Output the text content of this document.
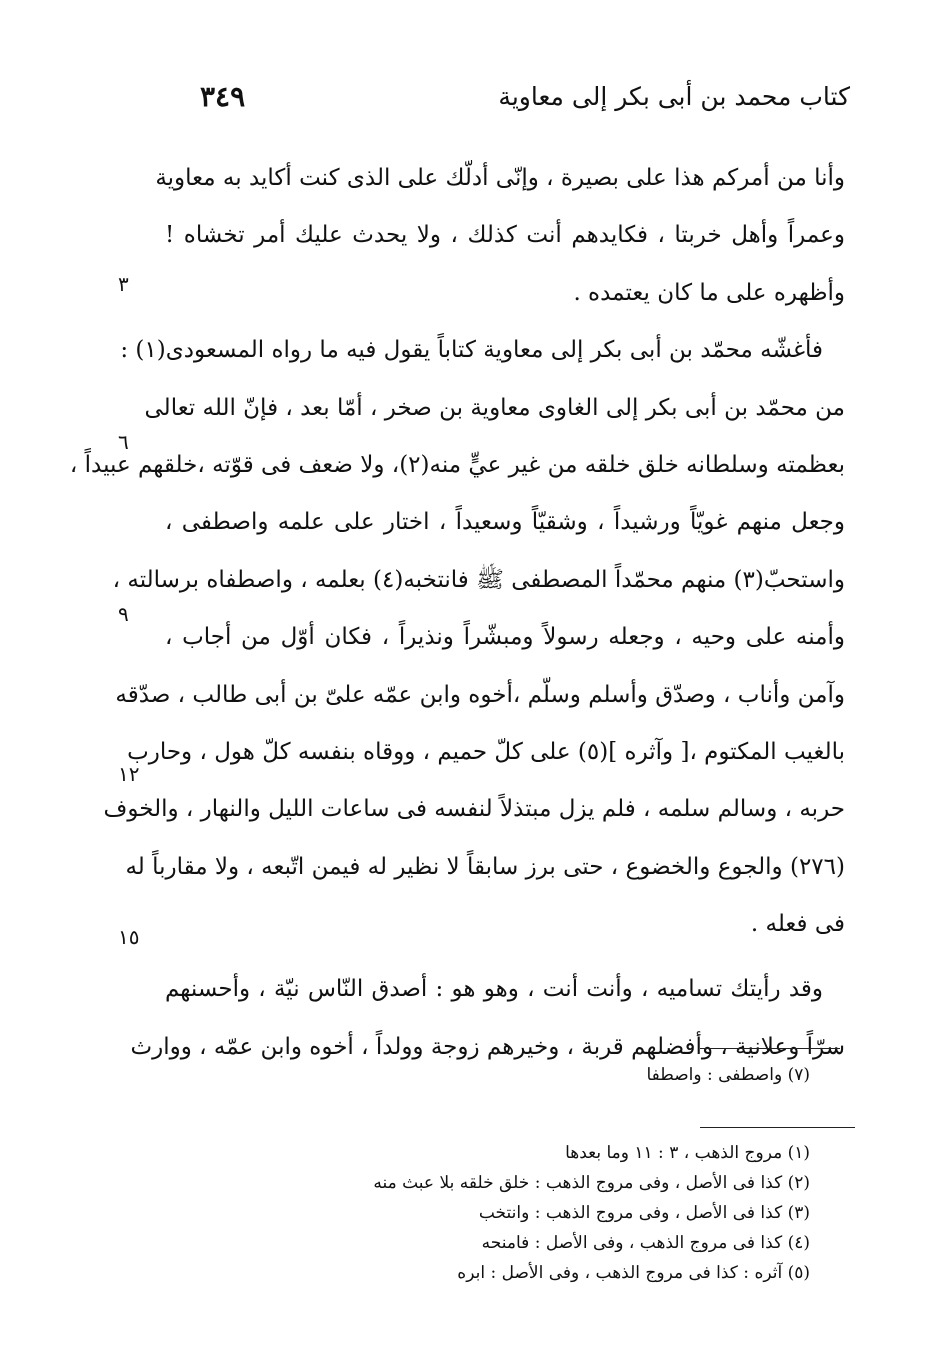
كتاب محمد بن أبى بكر إلى معاوية
٣٤٩
٣
٦
٩
١٢
١٥
وأنا من أمركم هذا على بصيرة ، وإنّى أدلّك على الذى كنت أكايد به معاوية
وعمراً وأهل خربتا ، فكايدهم أنت كذلك ، ولا يحدث عليك أمر تخشاه !
وأظهره على ما كان يعتمده .
فأغشّه محمّد بن أبى بكر إلى معاوية كتاباً يقول فيه ما رواه المسعودى(١) :
من محمّد بن أبى بكر إلى الغاوى معاوية بن صخر ، أمّا بعد ، فإنّ الله تعالى
بعظمته وسلطانه خلق خلقه من غير عيٍّ منه(٢)، ولا ضعف فى قوّته ،خلقهم عبيداً ،
وجعل منهم غويّاً ورشيداً ، وشقيّاً وسعيداً ، اختار على علمه واصطفى ،
واستحبّ(٣) منهم محمّداً المصطفى ﷺ فانتخبه(٤) بعلمه ، واصطفاه برسالته ،
وأمنه على وحيه ، وجعله رسولاً ومبشّراً ونذيراً ، فكان أوّل من أجاب ،
وآمن وأناب ، وصدّق وأسلم وسلّم ،أخوه وابن عمّه علىّ بن أبى طالب ، صدّقه
بالغيب المكتوم ،[ وآثره ](٥) على كلّ حميم ، ووقاه بنفسه كلّ هول ، وحارب
حربه ، وسالم سلمه ، فلم يزل مبتذلاً لنفسه فى ساعات الليل والنهار ، والخوف
(٢٧٦) والجوع والخضوع ، حتى برز سابقاً لا نظير له فيمن اتّبعه ، ولا مقارباً له
فى فعله .
وقد رأيتك تساميه ، وأنت أنت ، وهو هو : أصدق النّاس نيّة ، وأحسنهم
سرّاً وعلانية ، وأفضلهم قربة ، وخيرهم زوجة وولداً ، أخوه وابن عمّه ، ووارث
(٧) واصطفى : واصطفا
(١) مروج الذهب ، ٣ : ١١ وما بعدها
(٢) كذا فى الأصل ، وفى مروج الذهب : خلق خلقه بلا عبث منه
(٣) كذا فى الأصل ، وفى مروج الذهب : وانتخب
(٤) كذا فى مروج الذهب ، وفى الأصل : فامنحه
(٥) آثره : كذا فى مروج الذهب ، وفى الأصل : ابره
